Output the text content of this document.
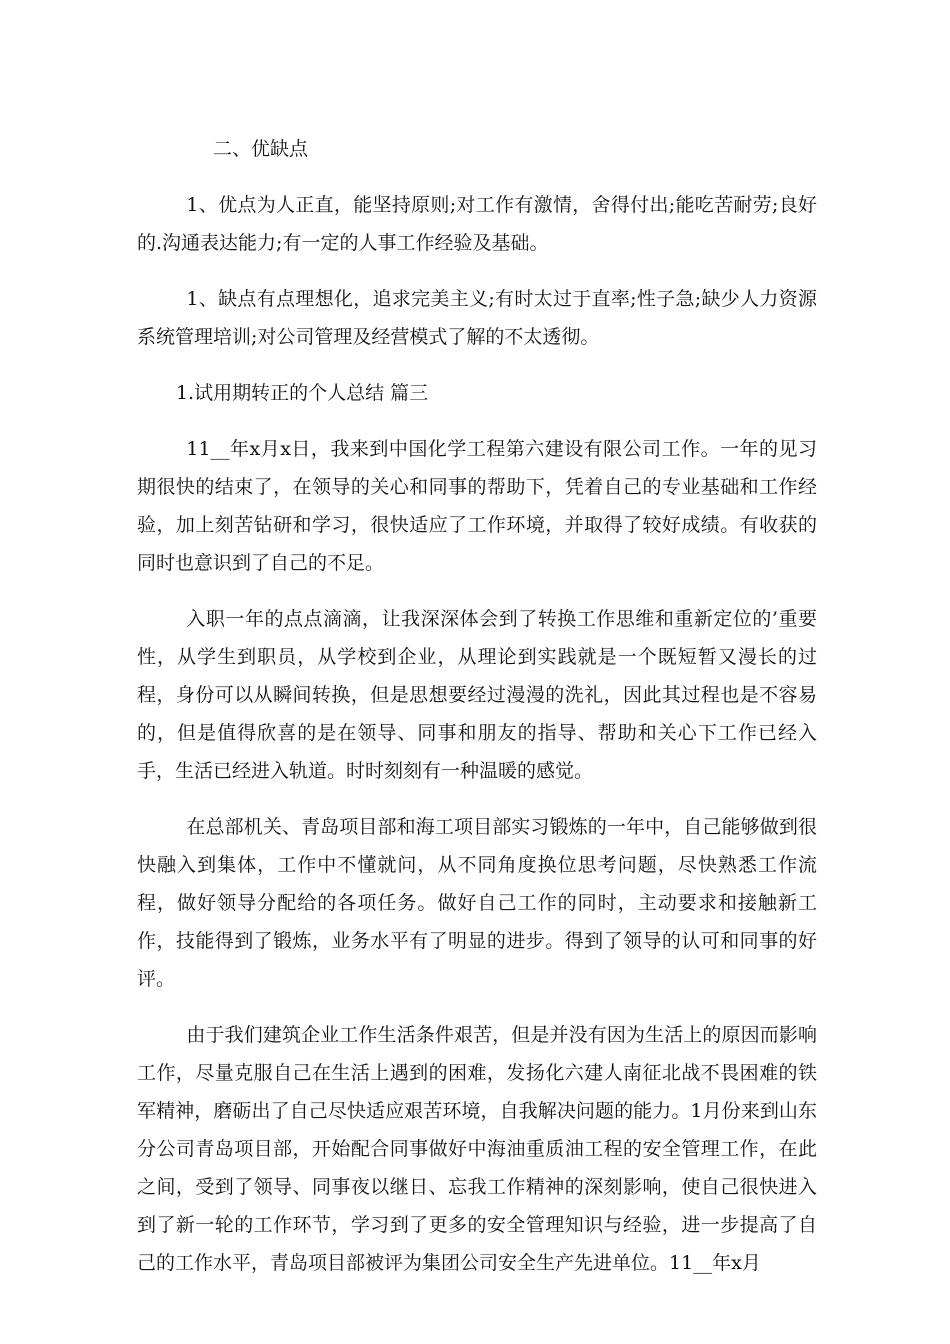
二、优缺点

1、优点为人正直，能坚持原则;对工作有激情，舍得付出;能吃苦耐劳;良好的.沟通表达能力;有一定的人事工作经验及基础。

1、缺点有点理想化，追求完美主义;有时太过于直率;性子急;缺少人力资源系统管理培训;对公司管理及经营模式了解的不太透彻。

1.试用期转正的个人总结 篇三

11__年x月x日，我来到中国化学工程第六建设有限公司工作。一年的见习期很快的结束了，在领导的关心和同事的帮助下，凭着自己的专业基础和工作经验，加上刻苦钻研和学习，很快适应了工作环境，并取得了较好成绩。有收获的同时也意识到了自己的不足。

入职一年的点点滴滴，让我深深体会到了转换工作思维和重新定位的’重要性，从学生到职员，从学校到企业，从理论到实践就是一个既短暂又漫长的过程，身份可以从瞬间转换，但是思想要经过漫漫的洗礼，因此其过程也是不容易的，但是值得欣喜的是在领导、同事和朋友的指导、帮助和关心下工作已经入手，生活已经进入轨道。时时刻刻有一种温暖的感觉。

在总部机关、青岛项目部和海工项目部实习锻炼的一年中，自己能够做到很快融入到集体，工作中不懂就问，从不同角度换位思考问题，尽快熟悉工作流程，做好领导分配给的各项任务。做好自己工作的同时，主动要求和接触新工作，技能得到了锻炼，业务水平有了明显的进步。得到了领导的认可和同事的好评。

由于我们建筑企业工作生活条件艰苦，但是并没有因为生活上的原因而影响工作，尽量克服自己在生活上遇到的困难，发扬化六建人南征北战不畏困难的铁军精神，磨砺出了自己尽快适应艰苦环境，自我解决问题的能力。1月份来到山东分公司青岛项目部，开始配合同事做好中海油重质油工程的安全管理工作，在此之间，受到了领导、同事夜以继日、忘我工作精神的深刻影响，使自己很快进入到了新一轮的工作环节，学习到了更多的安全管理知识与经验，进一步提高了自己的工作水平，青岛项目部被评为集团公司安全生产先进单位。11__年x月
